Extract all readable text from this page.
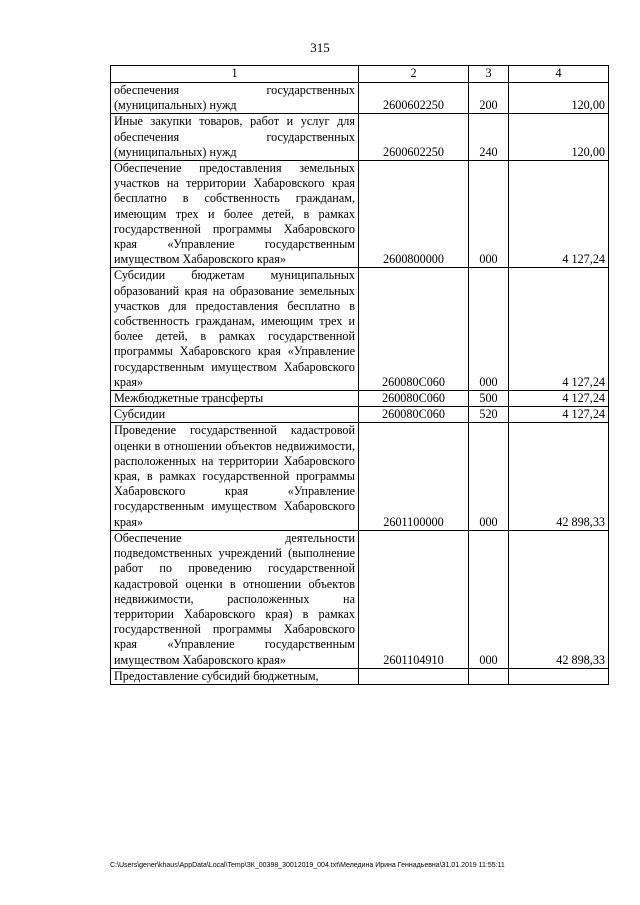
315
1	2	3	4
обеспечения государственных (муниципальных) нужд	2600602250	200	120,00
Иные закупки товаров, работ и услуг для обеспечения государственных (муниципальных) нужд	2600602250	240	120,00
Обеспечение предоставления земельных участков на территории Хабаровского края бесплатно в собственность гражданам, имеющим трех и более детей, в рамках государственной программы Хабаровского края «Управление государственным имуществом Хабаровского края»	2600800000	000	4 127,24
Субсидии бюджетам муниципальных образований края на образование земельных участков для предоставления бесплатно в собственность гражданам, имеющим трех и более детей, в рамках государственной программы Хабаровского края «Управление государственным имуществом Хабаровского края»	260080С060	000	4 127,24
Межбюджетные трансферты	260080С060	500	4 127,24
Субсидии	260080С060	520	4 127,24
Проведение государственной кадастровой оценки в отношении объектов недвижимости, расположенных на территории Хабаровского края, в рамках государственной программы Хабаровского края «Управление государственным имуществом Хабаровского края»	2601100000	000	42 898,33
Обеспечение деятельности подведомственных учреждений (выполнение работ по проведению государственной кадастровой оценки в отношении объектов недвижимости, расположенных на территории Хабаровского края) в рамках государственной программы Хабаровского края «Управление государственным имуществом Хабаровского края»	2601104910	000	42 898,33
Предоставление субсидий бюджетным,			
C:\Users\gener\khaus\AppData\Local\Temp\ЗК_00398_30012019_004.txt\Меледина Ирина Геннадьевна\31.01.2019 11:55:11
